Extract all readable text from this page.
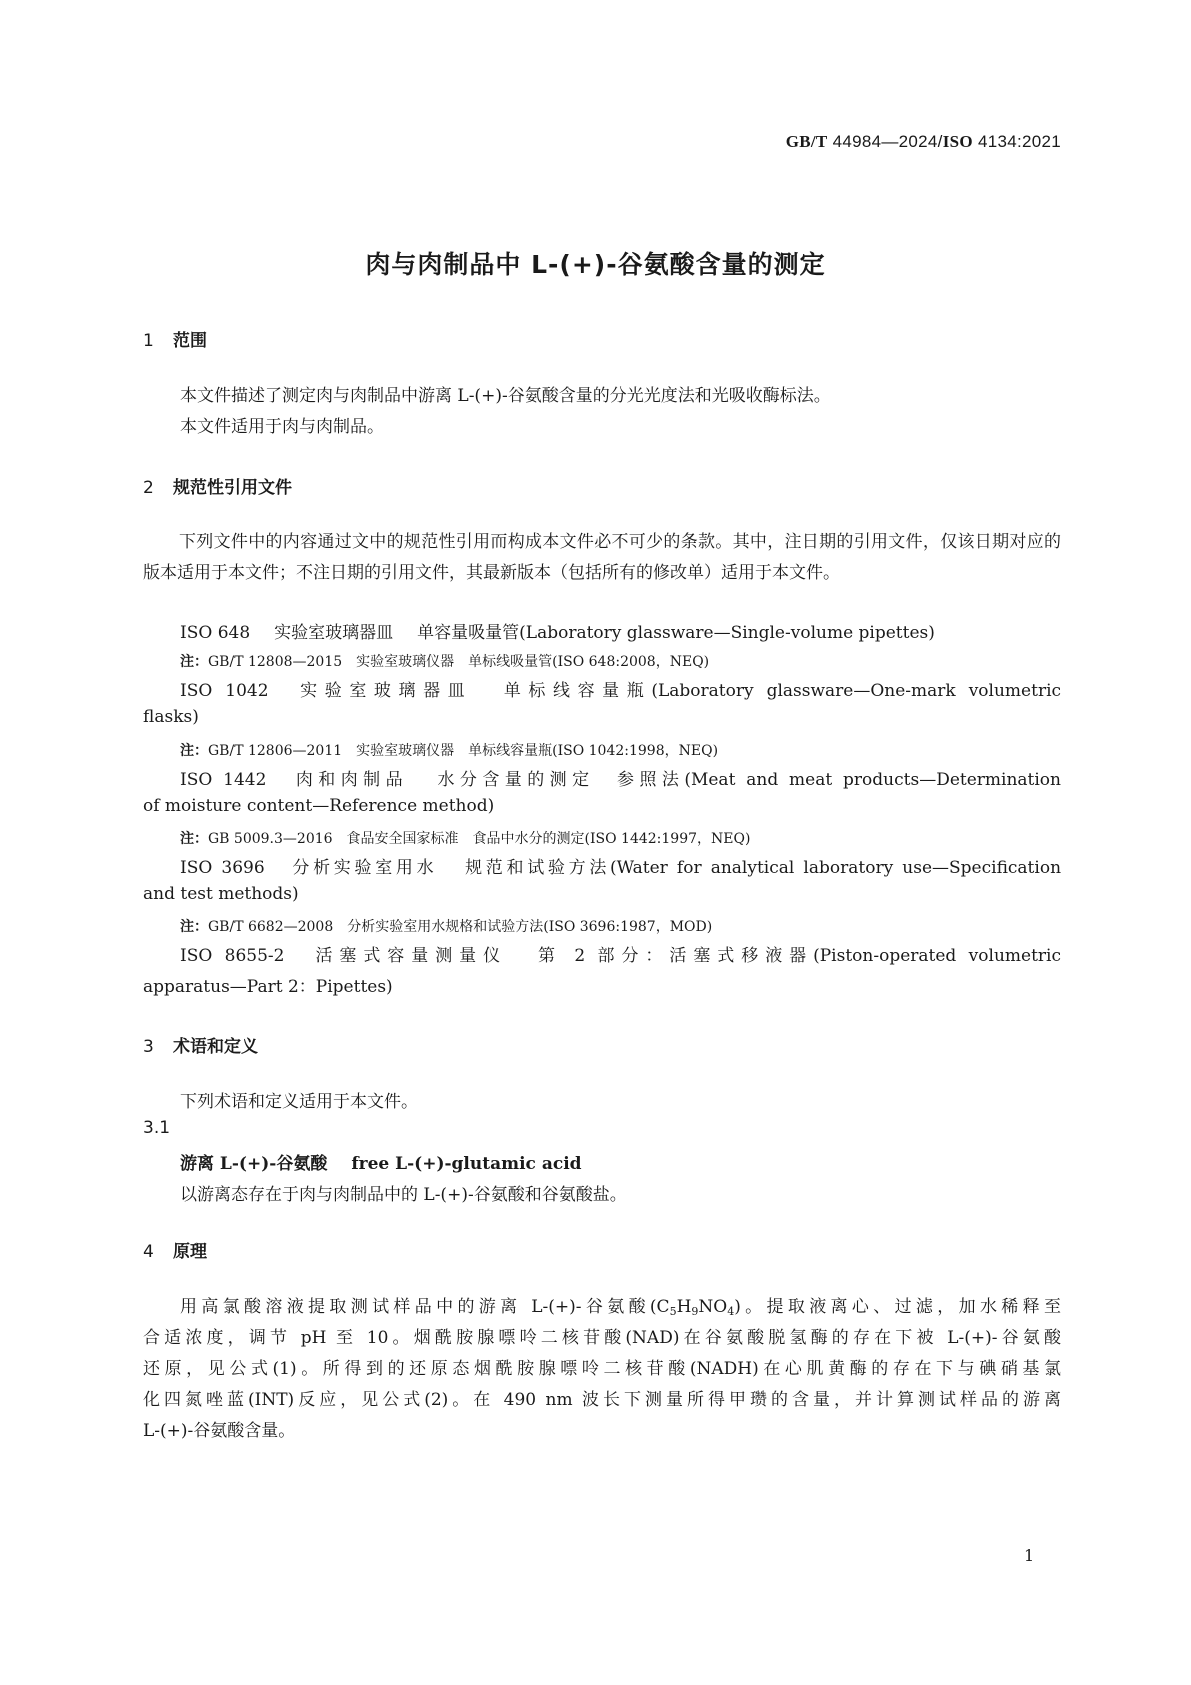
GB/T 44984—2024/ISO 4134:2021
肉与肉制品中 L-(+)-谷氨酸含量的测定
1 范围
本文件描述了测定肉与肉制品中游离 L-(+)-谷氨酸含量的分光光度法和光吸收酶标法。
本文件适用于肉与肉制品。
2 规范性引用文件
下列文件中的内容通过文中的规范性引用而构成本文件必不可少的条款。其中，注日期的引用文件，仅该日期对应的版本适用于本文件；不注日期的引用文件，其最新版本（包括所有的修改单）适用于本文件。
ISO 648 实验室玻璃器皿 单容量吸量管(Laboratory glassware—Single-volume pipettes)
注：GB/T 12808—2015　实验室玻璃仪器　单标线吸量管(ISO 648:2008，NEQ)
ISO 1042 实验室玻璃器皿 单标线容量瓶(Laboratory glassware—One-mark volumetric
flasks)
注：GB/T 12806—2011　实验室玻璃仪器　单标线容量瓶(ISO 1042:1998，NEQ)
ISO 1442 肉和肉制品 水分含量的测定　参照法(Meat and meat products—Determination
of moisture content—Reference method)
注：GB 5009.3—2016　食品安全国家标准　食品中水分的测定(ISO 1442:1997，NEQ)
ISO 3696 分析实验室用水 规范和试验方法(Water for analytical laboratory use—Specification
and test methods)
注：GB/T 6682—2008　分析实验室用水规格和试验方法(ISO 3696:1987，MOD)
ISO 8655-2 活塞式容量测量仪 第 2 部分：活塞式移液器(Piston-operated volumetric
apparatus—Part 2：Pipettes)
3 术语和定义
下列术语和定义适用于本文件。
3.1
游离 L-(+)-谷氨酸 free L-(+)-glutamic acid
以游离态存在于肉与肉制品中的 L-(+)-谷氨酸和谷氨酸盐。
4 原理
用高氯酸溶液提取测试样品中的游离 L-(+)-谷氨酸$(C_5H_9NO_4)$。提取液离心、过滤，加水稀释至
合适浓度，调节 pH 至 10。烟酰胺腺嘌呤二核苷酸(NAD)在谷氨酸脱氢酶的存在下被 L-(+)-谷氨酸
还原，见公式(1)。所得到的还原态烟酰胺腺嘌呤二核苷酸(NADH)在心肌黄酶的存在下与碘硝基氯
化四氮唑蓝(INT)反应，见公式(2)。在 490 nm 波长下测量所得甲瓒的含量，并计算测试样品的游离
L-(+)-谷氨酸含量。
1
